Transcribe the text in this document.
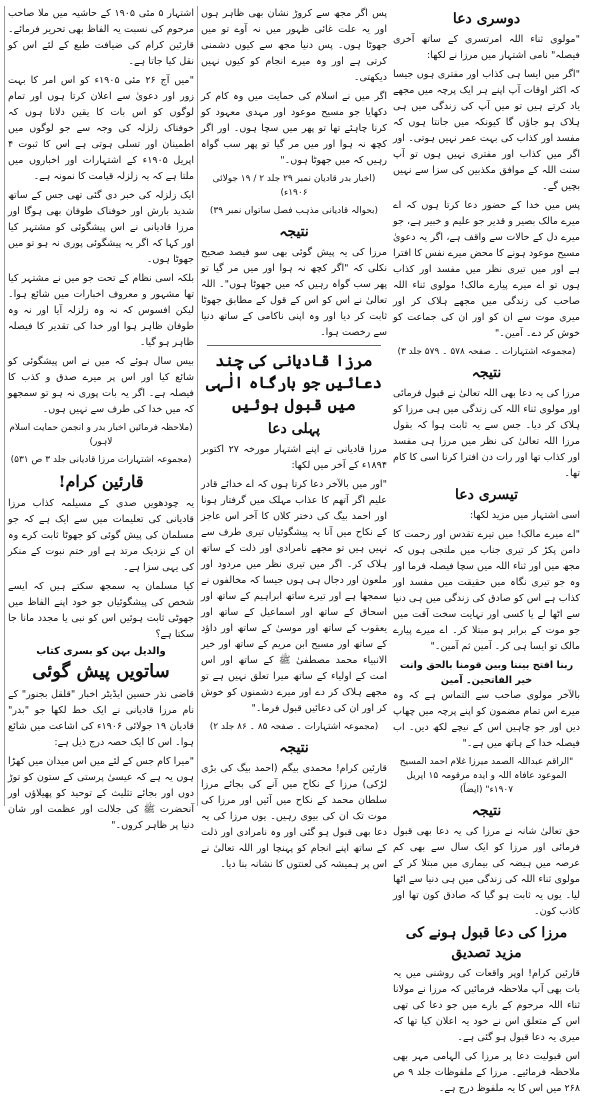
اشتہار ۵ مئی ۱۹۰۵ کے حاشیہ میں ملا صاحب مرحوم کی نسبت یہ الفاظ بھی تحریر فرمائے۔ قارئین کرام کی ضیافت طبع کے لئے اس کو نقل کیا جاتا ہے۔

"میں آج ۲۶ مئی ۱۹۰۵ء کو اس امر کا بہت زور اور دعویٰ سے اعلان کرتا ہوں اور تمام لوگوں کو اس بات کا یقین دلانا ہوں کہ خوفناک زلزلہ کی وجہ سے جو لوگوں میں اطمینان اور تسلی ہوتی ہے اس کا ثبوت ۴ اپریل ۱۹۰۵ء کے اشتہارات اور اخباروں میں ملتا ہے کہ یہ زلزلہ قیامت کا نمونہ ہے۔

ایک زلزلہ کی خبر دی گئی تھی جس کے ساتھ شدید بارش اور خوفناک طوفان بھی ہوگا اور مرزا قادیانی نے اس پیشگوئی کو مشتہر کیا اور کہا کہ اگر یہ پیشگوئی پوری نہ ہو تو میں جھوٹا ہوں۔

بلکہ اسی نظام کے تحت جو میں نے مشتہر کیا تھا مشہور و معروف اخبارات میں شائع ہوا۔ لیکن افسوس کہ نہ وہ زلزلہ آیا اور نہ وہ طوفان ظاہر ہوا اور خدا کی تقدیر کا فیصلہ ظاہر ہو گیا۔

بیس سال ہوئے کہ میں نے اس پیشگوئی کو شائع کیا اور اس پر میرے صدق و کذب کا فیصلہ ہے۔ اگر یہ بات پوری نہ ہو تو سمجھو کہ میں خدا کی طرف سے نہیں ہوں۔

(ملاحظہ فرمائیں اخبار بدر و انجمن حمایت اسلام لاہور)
(مجموعہ اشتہارات مرزا قادیانی جلد ۳ ص ۵۳۱)
قارئین کرام!

یہ چودھویں صدی کے مسیلمہ کذاب مرزا قادیانی کی تعلیمات میں سے ایک ہے کہ جو مسلمان کی پیش گوئی کو جھوٹا ثابت کرے وہ ان کے نزدیک مرتد ہے اور ختم نبوت کے منکر کی یہی سزا ہے۔

کیا مسلمان یہ سمجھ سکتے ہیں کہ ایسے شخص کی پیشگوئیاں جو خود اپنے الفاظ میں جھوٹی ثابت ہوئیں اس کو نبی یا مجدد مانا جا سکتا ہے؟

والدیل بہن کو بسری کتاب
ساتویں پیش گوئی

قاضی نذر حسین ایڈیٹر اخبار "قلقل بجنور" کے نام مرزا قادیانی نے ایک خط لکھا جو "بدر" قادیان ۱۹ جولائی ۱۹۰۶ء کی اشاعت میں شائع ہوا۔ اس کا ایک حصہ درج ذیل ہے:

"میرا کام جس کے لئے میں اس میدان میں کھڑا ہوں یہ ہے کہ عیسیٰ پرستی کے ستون کو توڑ دوں اور بجائے تثلیث کے توحید کو پھیلاؤں اور آنحضرت ﷺ کی جلالت اور عظمت اور شان دنیا پر ظاہر کروں۔"

پس اگر مجھ سے کروڑ نشان بھی ظاہر ہوں اور یہ علت غائی ظہور میں نہ آوے تو میں جھوٹا ہوں۔ پس دنیا مجھ سے کیوں دشمنی کرتی ہے اور وہ میرے انجام کو کیوں نہیں دیکھتی۔

اگر میں نے اسلام کی حمایت میں وہ کام کر دکھایا جو مسیح موعود اور مہدی معہود کو کرنا چاہئے تھا تو پھر میں سچا ہوں۔ اور اگر کچھ نہ ہوا اور میں مر گیا تو پھر سب گواہ رہیں کہ میں جھوٹا ہوں۔"

(اخبار بدر قادیان نمبر ۲۹ جلد ۲ / ۱۹ جولائی ۱۹۰۶ء)
(بحوالہ قادیانی مذہب فصل ساتواں نمبر ۳۹)
نتیجہ

مرزا کی یہ پیش گوئی بھی سو فیصد صحیح نکلی کہ "اگر کچھ نہ ہوا اور میں مر گیا تو پھر سب گواہ رہیں کہ میں جھوٹا ہوں"۔ اللہ تعالیٰ نے اس کو اس کے قول کے مطابق جھوٹا ثابت کر دیا اور وہ اپنی ناکامی کے ساتھ دنیا سے رخصت ہوا۔

مرزا قادیانی کی چند دعائیں جو بارگاہ الٰہی میں قبول ہوئیں
پہلی دعا

مرزا قادیانی نے اپنے اشتہار مورخہ ۲۷ اکتوبر ۱۸۹۴ء کے آخر میں لکھا:

"اور میں بالآخر دعا کرتا ہوں کہ اے خدائے قادر علیم اگر آتھم کا عذاب مہلک میں گرفتار ہونا اور احمد بیگ کی دختر کلاں کا آخر اس عاجز کے نکاح میں آنا یہ پیشگوئیاں تیری طرف سے نہیں ہیں تو مجھے نامرادی اور ذلت کے ساتھ ہلاک کر۔ اگر میں تیری نظر میں مردود اور ملعون اور دجال ہی ہوں جیسا کہ مخالفوں نے سمجھا ہے اور تیرے ساتھ ابراہیم کے ساتھ اور اسحاق کے ساتھ اور اسماعیل کے ساتھ اور یعقوب کے ساتھ اور موسیٰ کے ساتھ اور داؤد کے ساتھ اور مسیح ابن مریم کے ساتھ اور خیر الانبیاء محمد مصطفیٰ ﷺ کے ساتھ اور اس امت کے اولیاء کے ساتھ میرا تعلق نہیں ہے تو مجھے ہلاک کر دے اور میرے دشمنوں کو خوش کر اور ان کی دعائیں قبول فرما۔"

(مجموعہ اشتہارات ۔ صفحہ ۸۵ ۔ ۸۶ جلد ۲)
نتیجہ

قارئین کرام! محمدی بیگم (احمد بیگ کی بڑی لڑکی) مرزا کے نکاح میں آنے کی بجائے مرزا سلطان محمد کے نکاح میں آئیں اور مرزا کی موت تک ان کی بیوی رہیں۔ یوں مرزا کی یہ دعا بھی قبول ہو گئی اور وہ نامرادی اور ذلت کے ساتھ اپنے انجام کو پہنچا اور اللہ تعالیٰ نے اس پر ہمیشہ کی لعنتوں کا نشانہ بنا دیا۔

دوسری دعا

"مولوی ثناء اللہ امرتسری کے ساتھ آخری فیصلہ" نامی اشتہار میں مرزا نے لکھا:

"اگر میں ایسا ہی کذاب اور مفتری ہوں جیسا کہ اکثر اوقات آپ اپنے ہر ایک پرچہ میں مجھے یاد کرتے ہیں تو میں آپ کی زندگی میں ہی ہلاک ہو جاؤں گا کیونکہ میں جانتا ہوں کہ مفسد اور کذاب کی بہت عمر نہیں ہوتی۔ اور اگر میں کذاب اور مفتری نہیں ہوں تو آپ سنت اللہ کے موافق مکذبین کی سزا سے نہیں بچیں گے۔

پس میں خدا کے حضور دعا کرتا ہوں کہ اے میرے مالک بصیر و قدیر جو علیم و خبیر ہے، جو میرے دل کے حالات سے واقف ہے، اگر یہ دعویٰ مسیح موعود ہونے کا محض میرے نفس کا افترا ہے اور میں تیری نظر میں مفسد اور کذاب ہوں تو اے میرے پیارے مالک! مولوی ثناء اللہ صاحب کی زندگی میں مجھے ہلاک کر اور میری موت سے ان کو اور ان کی جماعت کو خوش کر دے۔ آمین۔"

(مجموعہ اشتہارات ۔ صفحہ ۵۷۸ ۔ ۵۷۹ جلد ۳)
نتیجہ

مرزا کی یہ دعا بھی اللہ تعالیٰ نے قبول فرمائی اور مولوی ثناء اللہ کی زندگی میں ہی مرزا کو ہلاک کر دیا۔ جس سے یہ ثابت ہوا کہ بقول مرزا اللہ تعالیٰ کی نظر میں مرزا ہی مفسد اور کذاب تھا اور رات دن افترا کرنا اسی کا کام تھا۔

تیسری دعا

اسی اشتہار میں مزید لکھا:

"اے میرے مالک! میں تیرے تقدس اور رحمت کا دامن پکڑ کر تیری جناب میں ملتجی ہوں کہ مجھ میں اور ثناء اللہ میں سچا فیصلہ فرما اور وہ جو تیری نگاہ میں حقیقت میں مفسد اور کذاب ہے اس کو صادق کی زندگی میں ہی دنیا سے اٹھا لے یا کسی اور نہایت سخت آفت میں جو موت کے برابر ہو مبتلا کر۔ اے میرے پیارے مالک تو ایسا ہی کر۔ آمین ثم آمین۔"

ربنا افتح بیننا وبین قومنا بالحق وانت خیر الفاتحین۔ آمین

بالآخر مولوی صاحب سے التماس ہے کہ وہ میرے اس تمام مضمون کو اپنے پرچہ میں چھاپ دیں اور جو چاہیں اس کے نیچے لکھ دیں۔ اب فیصلہ خدا کے ہاتھ میں ہے۔"

"الراقم عبداللہ الصمد میرزا غلام احمد المسیح الموعود عافاہ اللہ و ایدہ مرقومہ ۱۵ اپریل ۱۹۰۷ء" (ایضاً)
نتیجہ

حق تعالیٰ شانہ نے مرزا کی یہ دعا بھی قبول فرمائی اور مرزا کو ایک سال سے بھی کم عرصہ میں ہیضہ کی بیماری میں مبتلا کر کے مولوی ثناء اللہ کی زندگی میں ہی دنیا سے اٹھا لیا۔ یوں یہ ثابت ہو گیا کہ صادق کون تھا اور کاذب کون۔

مرزا کی دعا قبول ہونے کی مزید تصدیق

قارئین کرام! اوپر واقعات کی روشنی میں یہ بات بھی آپ ملاحظہ فرمائیں کہ مرزا نے مولانا ثناء اللہ مرحوم کے بارے میں جو دعا کی تھی اس کے متعلق اس نے خود یہ اعلان کیا تھا کہ میری یہ دعا قبول ہو گئی ہے۔

اس قبولیت دعا پر مرزا کی الہامی مہر بھی ملاحظہ فرمائیے۔ مرزا کے ملفوظات جلد ۹ ص ۲۶۸ میں اس کا یہ ملفوظ درج ہے۔
